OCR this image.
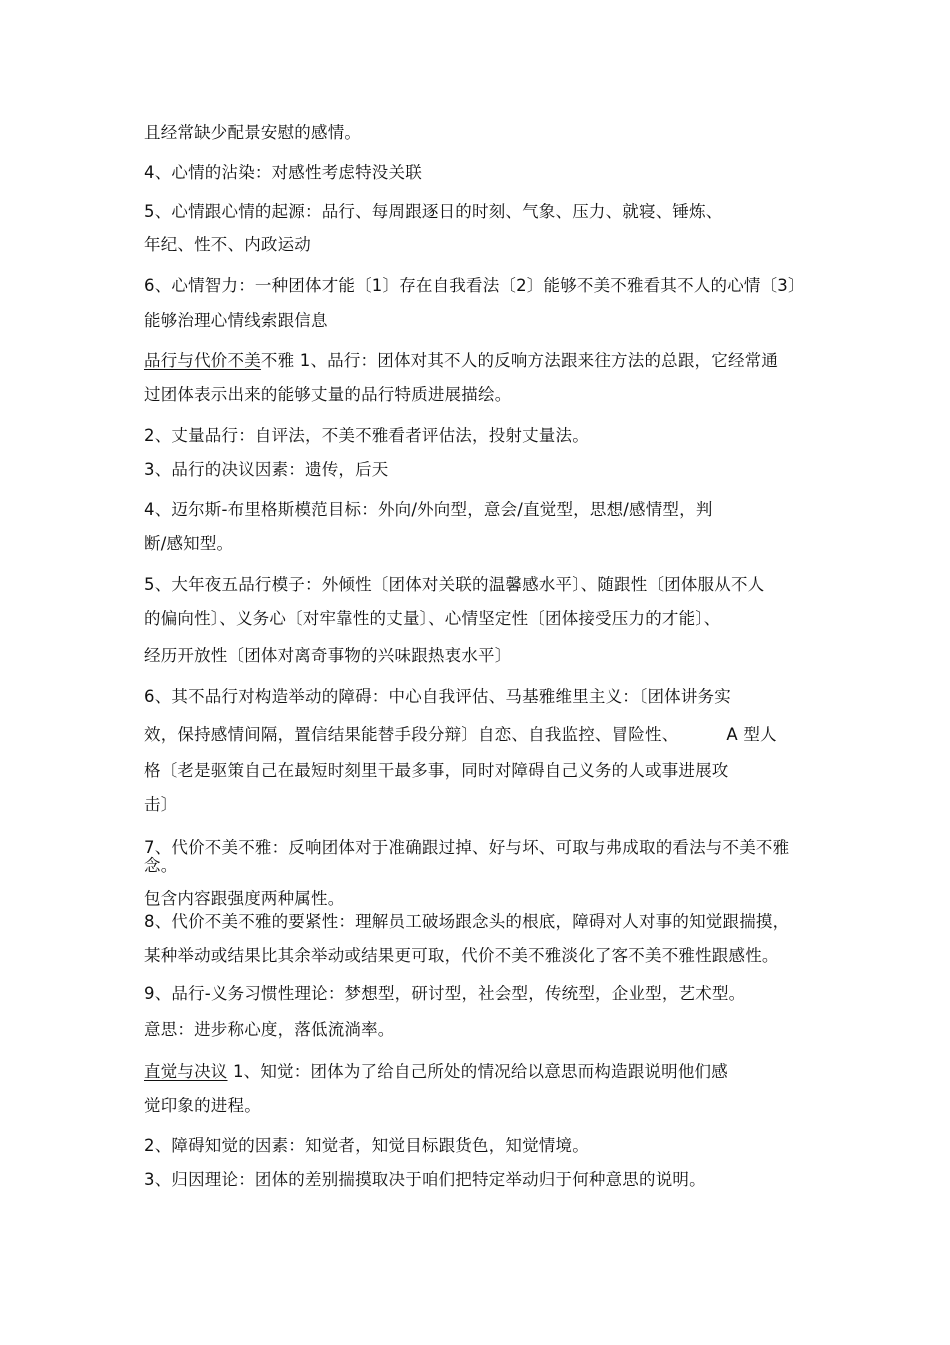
且经常缺少配景安慰的感情。
4、心情的沾染：对感性考虑特没关联
5、心情跟心情的起源：品行、每周跟逐日的时刻、气象、压力、就寝、锤炼、
年纪、性不、内政运动
6、心情智力：一种团体才能〔1〕存在自我看法〔2〕能够不美不雅看其不人的心情〔3〕
能够治理心情线索跟信息
品行与代价不美不雅 1、品行：团体对其不人的反响方法跟来往方法的总跟，它经常通
过团体表示出来的能够丈量的品行特质进展描绘。
2、丈量品行：自评法，不美不雅看者评估法，投射丈量法。
3、品行的决议因素：遗传，后天
4、迈尔斯-布里格斯模范目标：外向/外向型，意会/直觉型，思想/感情型，判
断/感知型。
5、大年夜五品行模子：外倾性〔团体对关联的温馨感水平〕、随跟性〔团体服从不人
的偏向性〕、义务心〔对牢靠性的丈量〕、心情坚定性〔团体接受压力的才能〕、
经历开放性〔团体对离奇事物的兴味跟热衷水平〕
6、其不品行对构造举动的障碍：中心自我评估、马基雅维里主义：〔团体讲务实
效，保持感情间隔，置信结果能替手段分辩〕自恋、自我监控、冒险性、	A 型人
格〔老是驱策自己在最短时刻里干最多事，同时对障碍自己义务的人或事进展攻
击〕
7、代价不美不雅：反响团体对于准确跟过掉、好与坏、可取与弗成取的看法与不美不雅
念。
包含内容跟强度两种属性。
8、代价不美不雅的要紧性：理解员工破场跟念头的根底，障碍对人对事的知觉跟揣摸，
某种举动或结果比其余举动或结果更可取，代价不美不雅淡化了客不美不雅性跟感性。
9、品行-义务习惯性理论：梦想型，研讨型，社会型，传统型，企业型，艺术型。
意思：进步称心度，落低流淌率。
直觉与决议 1、知觉：团体为了给自己所处的情况给以意思而构造跟说明他们感
觉印象的进程。
2、障碍知觉的因素：知觉者，知觉目标跟货色，知觉情境。
3、归因理论：团体的差别揣摸取决于咱们把特定举动归于何种意思的说明。
